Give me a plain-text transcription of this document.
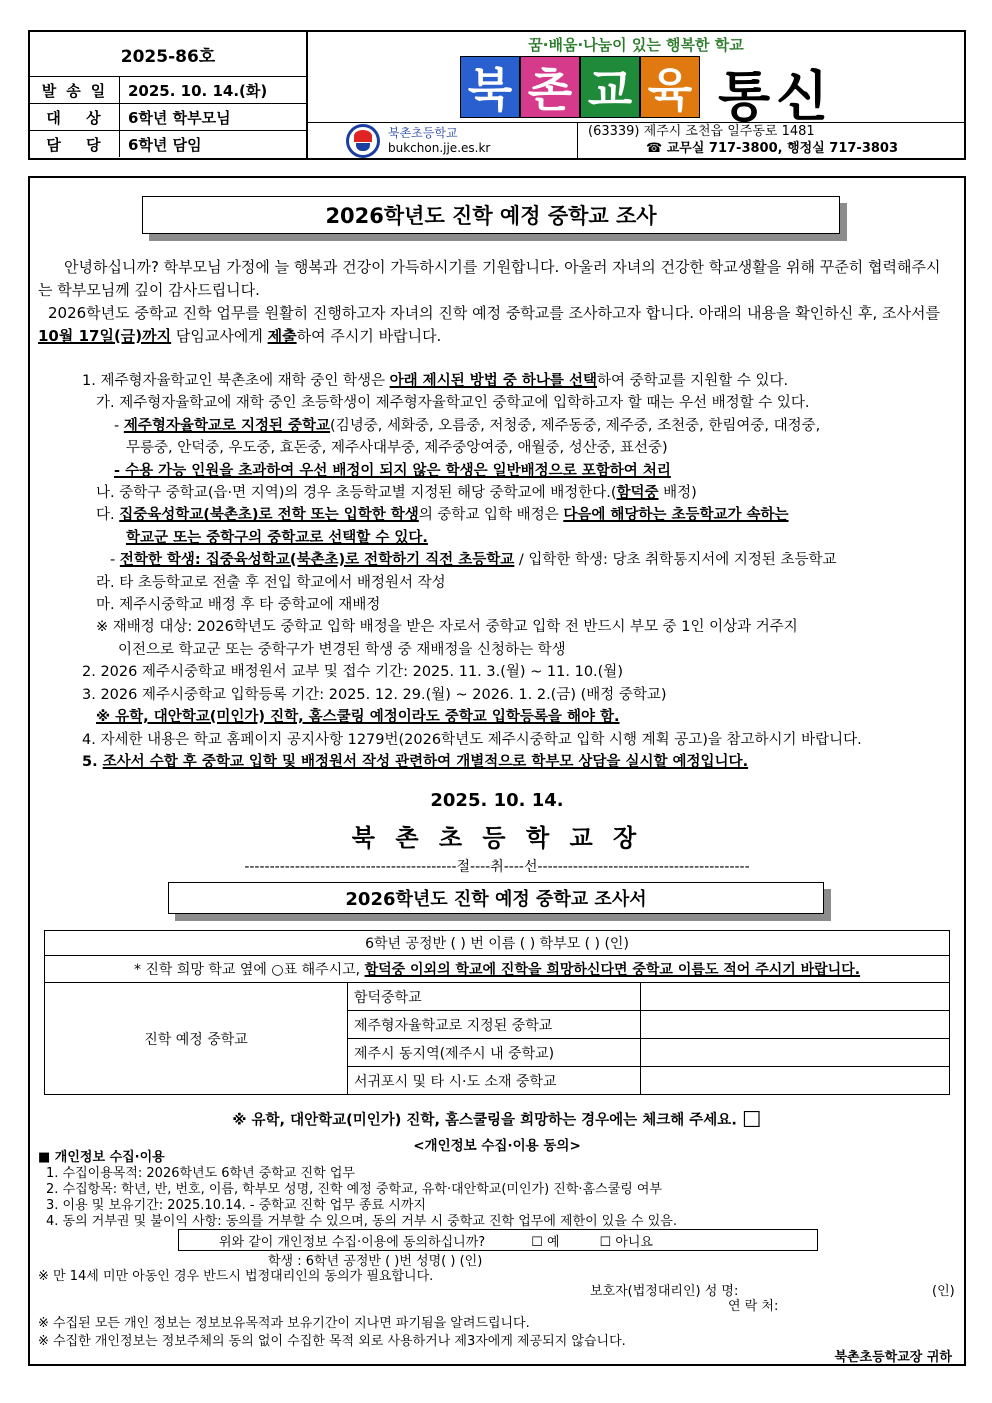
2025-86호
발송일 2025. 10. 14.(화)
대 상	6학년 학부모님
담 당	6학년 담임
꿈·배움·나눔이 있는 행복한 학교
북 촌 교 육 통신
북촌초등학교
bukchon.jje.es.kr
(63339) 제주시 조천읍 일주동로 1481
☎ 교무실 717-3800, 행정실 717-3803
2026학년도 진학 예정 중학교 조사

안녕하십니까? 학부모님 가정에 늘 행복과 건강이 가득하시기를 기원합니다. 아울러 자녀의 건강한 학교생활을 위해 꾸준히 협력해주시는 학부모님께 깊이 감사드립니다.

2026학년도 중학교 진학 업무를 원활히 진행하고자 자녀의 진학 예정 중학교를 조사하고자 합니다. 아래의 내용을 확인하신 후, 조사서를 10월 17일(금)까지 담임교사에게 제출하여 주시기 바랍니다.

1. 제주형자율학교인 북촌초에 재학 중인 학생은 아래 제시된 방법 중 하나를 선택하여 중학교를 지원할 수 있다.
가. 제주형자율학교에 재학 중인 초등학생이 제주형자율학교인 중학교에 입학하고자 할 때는 우선 배정할 수 있다.
- 제주형자율학교로 지정된 중학교(김녕중, 세화중, 오름중, 저청중, 제주동중, 제주중, 조천중, 한림여중, 대정중,
무릉중, 안덕중, 우도중, 효돈중, 제주사대부중, 제주중앙여중, 애월중, 성산중, 표선중)
- 수용 가능 인원을 초과하여 우선 배정이 되지 않은 학생은 일반배정으로 포함하여 처리
나. 중학구 중학교(읍·면 지역)의 경우 초등학교별 지정된 해당 중학교에 배정한다.(함덕중 배정)
다. 집중육성학교(북촌초)로 전학 또는 입학한 학생의 중학교 입학 배정은 다음에 해당하는 초등학교가 속하는
학교군 또는 중학구의 중학교로 선택할 수 있다.
- 전학한 학생: 집중육성학교(북촌초)로 전학하기 직전 초등학교 / 입학한 학생: 당초 취학통지서에 지정된 초등학교
라. 타 초등학교로 전출 후 전입 학교에서 배정원서 작성
마. 제주시중학교 배정 후 타 중학교에 재배정
※ 재배정 대상: 2026학년도 중학교 입학 배정을 받은 자로서 중학교 입학 전 반드시 부모 중 1인 이상과 거주지
이전으로 학교군 또는 중학구가 변경된 학생 중 재배정을 신청하는 학생
2. 2026 제주시중학교 배정원서 교부 및 접수 기간: 2025. 11. 3.(월) ~ 11. 10.(월)
3. 2026 제주시중학교 입학등록 기간: 2025. 12. 29.(월) ~ 2026. 1. 2.(금) (배정 중학교)
※ 유학, 대안학교(미인가) 진학, 홈스쿨링 예정이라도 중학교 입학등록을 해야 함.
4. 자세한 내용은 학교 홈페이지 공지사항 1279번(2026학년도 제주시중학교 입학 시행 계획 공고)을 참고하시기 바랍니다.
5. 조사서 수합 후 중학교 입학 및 배정원서 작성 관련하여 개별적으로 학부모 상담을 실시할 예정입니다.
2025. 10. 14.
북 촌 초 등 학 교 장
------------------------------------------절----취----선------------------------------------------
2026학년도 진학 예정 중학교 조사서
6학년 공정반 ( ) 번 이름 ( ) 학부모 ( ) (인)		
* 진학 희망 학교 옆에 ○표 해주시고, 함덕중 이외의 학교에 진학을 희망하신다면 중학교 이름도 적어 주시기 바랍니다.		
진학 예정 중학교	함덕중학교	
	제주형자율학교로 지정된 중학교	
	제주시 동지역(제주시 내 중학교)	
	서귀포시 및 타 시·도 소재 중학교	
※ 유학, 대안학교(미인가) 진학, 홈스쿨링을 희망하는 경우에는 체크해 주세요. ☐
<개인정보 수집·이용 동의>
■ 개인정보 수집·이용
1. 수집이용목적: 2026학년도 6학년 중학교 진학 업무
2. 수집항목: 학년, 반, 번호, 이름, 학부모 성명, 진학 예정 중학교, 유학·대안학교(미인가) 진학·홈스쿨링 여부
3. 이용 및 보유기간: 2025.10.14. - 중학교 진학 업무 종료 시까지
4. 동의 거부권 및 불이익 사항: 동의를 거부할 수 있으며, 동의 거부 시 중학교 진학 업무에 제한이 있을 수 있음.
위와 같이 개인정보 수집·이용에 동의하십니까?	☐ 예	☐ 아니요
학생 : 6학년 공정반 ( )번 성명( ) (인)
※ 만 14세 미만 아동인 경우 반드시 법정대리인의 동의가 필요합니다.
보호자(법정대리인) 성 명:	(인)
연 락 처:
※ 수집된 모든 개인 정보는 정보보유목적과 보유기간이 지나면 파기됨을 알려드립니다.
※ 수집한 개인정보는 정보주체의 동의 없이 수집한 목적 외로 사용하거나 제3자에게 제공되지 않습니다.
북촌초등학교장 귀하
